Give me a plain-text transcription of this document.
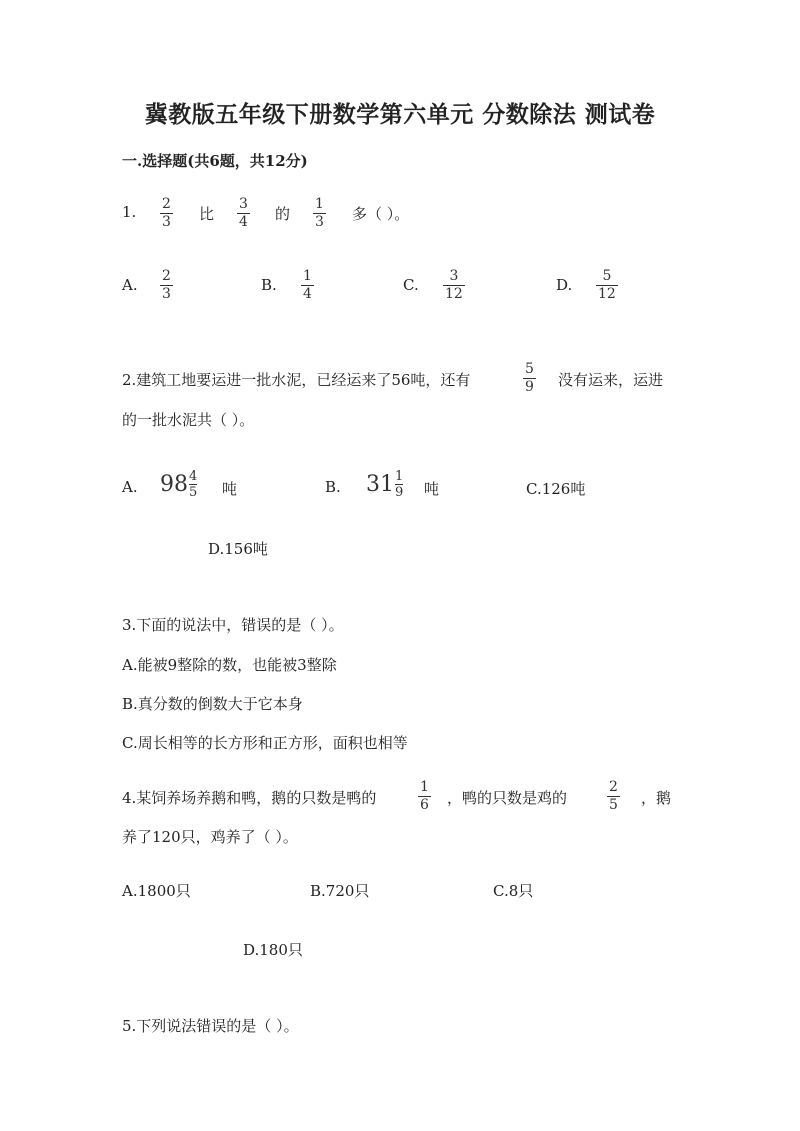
冀教版五年级下册数学第六单元 分数除法 测试卷
一.选择题(共6题，共12分)
1. 2
3 比
3
4 的
1
3 多（ ）。
A. 2
3	B. 1
4	C. 3
12	D. 5
12
2.建筑工地要运进一批水泥，已经运来了56吨，还有
5
9 没有运来，运进
的一批水泥共（ ）。
A. 98 4
5 吨	B. 31 1
9 吨	C.126吨
D.156吨
3.下面的说法中，错误的是（ ）。
A.能被9整除的数，也能被3整除
B.真分数的倒数大于它本身
C.周长相等的长方形和正方形，面积也相等
4.某饲养场养鹅和鸭，鹅的只数是鸭的
1
6 ，鸭的只数是鸡的
2
5 ，鹅
养了120只，鸡养了（ ）。
A.1800只	B.720只	C.8只
D.180只
5.下列说法错误的是（ ）。
